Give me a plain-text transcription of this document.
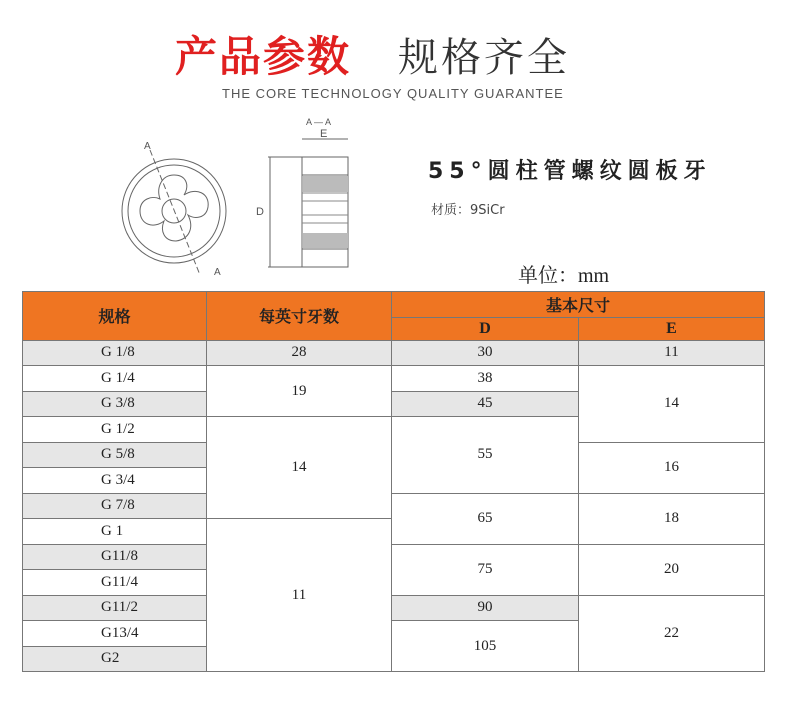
产品参数 规格齐全
THE CORE TECHNOLOGY QUALITY GUARANTEE
A
A
A — A
E
D
55°圆柱管螺纹圆板牙
材质：9SiCr
单位：mm
规格	每英寸牙数	基本尺寸	
		D	E
G 1/8	28	30	11
G 1/4	19	38	14
G 3/8		45	
G 1/2	14	55	
G 5/8			16
G 3/4			
G 7/8		65	18
G 1	11		
G11/8		75	20
G11/4			
G11/2		90	22
G13/4		105	
G2			
